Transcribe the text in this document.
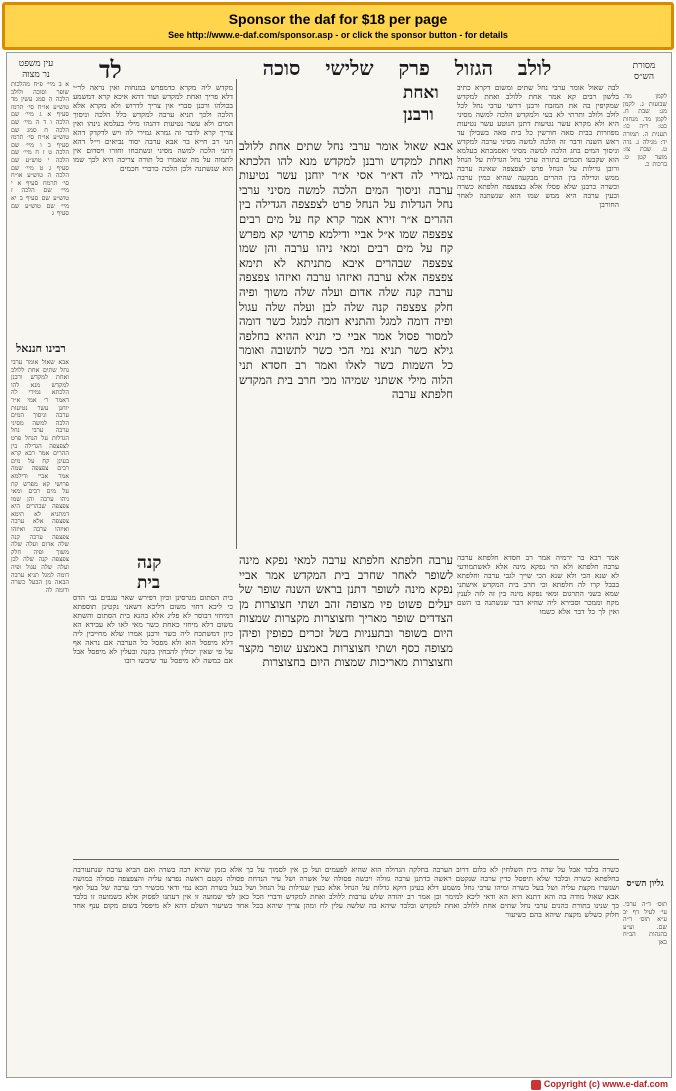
Sponsor the daf for $18 per page
See http://www.e-daf.com/sponsor.asp - or click the sponsor button - for details
עין משפט נר מצוה לד	לולב הגזול פרק שלישי סוכה	מסורת הש״ס
א ב מיי׳ פ״ח מהלכות שופר וסוכה ולולב הלכה ה סמג עשין מד טוש״ע או״ח סי׳ תרמז סעיף א ג מיי׳ שם הלכה ו ד ה מיי׳ שם הלכה ח סמג שם טוש״ע או״ח סי׳ תרמז סעיף ב ו מיי׳ שם הלכה ט ז ח מיי׳ שם הלכה י טוש״ע שם סעיף ג ט מיי׳ שם הלכה ה טוש״ע או״ח סי׳ תרמח סעיף א י מיי׳ שם הלכה ז טוש״ע שם סעיף ב יא מיי׳ שם טוש״ע שם סעיף ג
רבינו חננאל
אבא שאול אומר ערבי נחל שתים אחת ללולב ואחת למקדש ורבנן למקדש מנא להו הלכתא גמירי לה דאמר ר׳ אמי א״ר יוחנן עשר נטיעות ערבה וניסוך המים הלכה למשה מסיני ערבה ערבי נחל הגדלות על הנחל פרט לצפצפה הגדילה בין ההרים אמר רבא קרא בעינן קח על מים רבים צפצפה שמה אמר אביי ודילמא פרושי קא מפרש קח על מים רבים ומאי ניהו ערבה והן שמו צפצפה שבהרים היא דמתניא לא תימא צפצפה אלא ערבה ואיזהו ערבה ואיזהו צפצפה ערבה קנה שלה אדום ועלה שלה משוך ופיה חלק צפצפה קנה שלה לבן ועלה שלה עגול ופיה דומה למגל תניא ערבה הבאה מן הבעל כשרה ודומה לה
ואחת
ורבנן
אבא שאול אומר ערבי נחל שתים אחת ללולב ואחת למקדש ורבנן למקדש מנא להו הלכתא גמירי לה דא״ר אסי א״ר יוחנן עשר נטיעות ערבה וניסוך המים הלכה למשה מסיני ערבי נחל הגדלות על הנחל פרט לצפצפה הגדילה בין ההרים א״ר זירא אמר קרא קח על מים רבים צפצפה שמו א״ל אביי ודילמא פרושי קא מפרש קח על מים רבים ומאי ניהו ערבה והן שמו צפצפה שבהרים איבא מתניתא לא תימא צפצפה אלא ערבה ואיזהו ערבה ואיזהו צפצפה ערבה קנה שלה אדום ועלה שלה משוך ופיה חלק צפצפה קנה שלה לבן ועלה שלה עגול ופיה דומה למגל והתניא דומה למגל כשר דומה למסור פסול אמר אביי כי תניא ההיא בחלפה גילא כשר תניא נמי הכי כשר לתשובה ואומר כל השמות כשר לאלו ואמר רב חסדא תני הלוה מילי אשתני שמיהו מכי חרב בית המקדש חלפתא ערבה
לבה שאול אומר ערבי נחל שתים ומשום דקרא כתיב בלשון רבים קא אמר אחת ללולב ואחת למקדש שמקיפין בה את המזבח ורבנן דרשי ערבי נחל לכל לולב ולולב ותרתי לא בעי ולמקדש הלכה למשה מסיני היא ולא מקרא עשר נטיעות דתנן הנוטע עשר נטיעות מפוזרות בבית סאה חורשין כל בית סאה בשבילן עד ראש השנה ודבר זה הלכה למשה מסיני ערבה למקדש וניסוך המים בחג הלכה למשה מסיני ואסמכתא בעלמא הוא שקבעו חכמים בתורה ערבי נחל הגדלות על הנחל ורובן גדילות על הנחל פרט לצפצפה שאינה ערבה ממש וגדילה בין ההרים מבקעה שהיא כמין ערבה וכשרה כרבנן שלא פסלו אלא בצפצפה חלפתא כשרה וכעין ערבה היא ממש שמו הוא שנשתנה לאחר החורבן
מקדש ליה מקרא כדמפרש במנחות ואין נראה לר״י דלא פריך ואחת למקדש ועוד דהא איכא קרא דמשמע בכולהו ורבנן סברי אין צריך לדרוש ולא מקרא אלא הלכה ולכך תניא ערבה למקדש כלל הלכה וניסוך המים ולא עשר נטיעות דהנהו מילי בעלמא נינהו ואין צריך קרא לדבר זה גמרא גמירי לה ויש לדקדק דהא תני רב חייא בר אבא ערבה יסוד נביאים וי״ל דהא דתני הלכה למשה מסיני ונשתכחו וחזרו ויסדום אין לתמוה על מה שאמרו כל תורה צריכה היא לכך שמו הוא שנשתנה ולכן הלכה כדברי חכמים
קנה
בית
בית הסתום מגרסינן וכיון דפירש שאר ענבים גבי הדס כי ליכא דחזי משום דליכא דשאני נקטינן תוספתא דמיחזי דבוסר לא פליג אלא בהנא בית הסתום והשתא משום דלא מיחזי כאחת כשר מאי לאו לא עבידא הא כיון דמשתכח ליה כשר ורבנן אמרו שלא מחייבין ליה דלא מיפסל הוא ולא מפסל כל הערבה אם נראה אף על פי שאין יכולין להבחין בקנה ובעלין לא מיפסל אבל אם כמשה לא מיפסל עד שיבשו רובו
ערבה חלפתא חלפתא ערבה למאי נפקא מינה לשופר לאחר שחרב בית המקדש אמר אביי נפקא מינה לשופר דתנן בראש השנה שופר של יעלים פשוט פיו מצופה זהב ושתי חצוצרות מן הצדדים שופר מאריך וחצוצרות מקצרות שמצות היום בשופר ובתעניות בשל זכרים כפופין ופיהן מצופה כסף ושתי חצוצרות באמצע שופר מקצר וחצוצרות מאריכות שמצות היום בחצוצרות
אמר רבא בר ירמיה אמר רב חסדא חלפתא ערבה ערבה חלפתא ולא הוי נפקא מינה אלא לאשתמודעי לא שנא הכי ולא שנא הכי שייך לגבי ערבה וחלפתא בבבל קרו לה חלפתא וכי חרב בית המקדש אישתני שמא בשני התרגום ומאי נפקא מינה בין זה לזה לענין מקח וממכר וסבירא ליה שהיא דבר שנשתנה בו השם ואין לך כל דבר אלא כשמו
כשרה בלבד אבל על שדה בית השלחין לא כלום דרוב הערבה בחלקה הגדולה הוא שהיא לפעמים ועל כן אין לסמוך על כך אלא בזמן שהיא רבה בשדה ואם הביא ערבה שנתעורבה בחלפתא כשרה ובלבד שלא תיפסל כדין ערבה שנקטם ראשה כדתנן ערבה גזולה ויבשה פסולה של אשרה ושל עיר הנדחת פסולה נקטם ראשה נפרצו עליה והצפצפה פסולה כמושה ושנשרו מקצת עליה ושל בעל כשרה ומיהו ערבי נחל משמע דלא בעינן דוקא גדלות על הנחל אלא כעין שגדלות על הנחל ושל בעל כשרה הכא נמי ודאי מכשיר רבי ערבה של בעל ואף אבא שאול מודה בה והא דתנא היא הא ודאי ליכא למימר וכן אמר רב יהודה שלש ערבות ללולב ואחת למקדש ודברי הכל כאן לפי שמועה זו אין דעתנו לפסוק אלא כשמועה זו בלבד כך שנינו בתורת כהנים ערבי נחל שתים אחת ללולב ואחת למקדש ובלבד שיהא בה שלשה עלין לח ומהן צריך שיהא בכל אחד כשיעור השלם דהא לא מיפסל בשום מקום ענף אחד חלוק כשלש מקצת שיהא בהם כשיעור
לקמן מד. שבועות ג. לקמן מג: שבת ח. לקמן מד. מנחות כט: ר״ה כו: תענית ה. תמורה יד: מגילה ג. נדה ט. שבת צז: מועד קטן ט. ברכות כ.
גליון הש״ס
תוס׳ ד״ה ערבי. עי׳ לעיל דף יב ע״א תוס׳ ד״ה שם. וע״ע בהגהות הב״ח כאן
Copyright (c) www.e-daf.com
